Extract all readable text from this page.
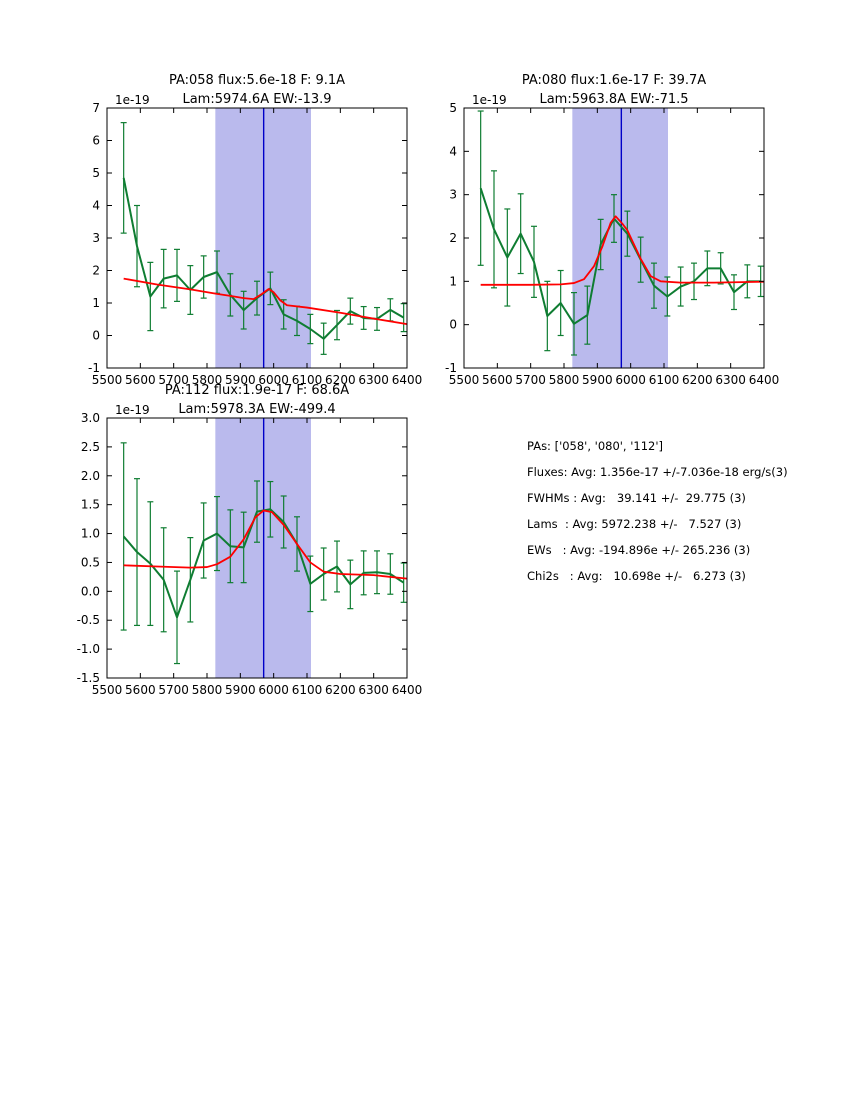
5500 5600 5700 5800 5900 6000 6100 6200 6300 6400
-1
0
1
2
3
4
5
6
7
PA:058 flux:5.6e-18 F: 9.1A
Lam:5974.6A EW:-13.9
1e-19
5500 5600 5700 5800 5900 6000 6100 6200 6300 6400
-1
0
1
2
3
4
5
PA:080 flux:1.6e-17 F: 39.7A
Lam:5963.8A EW:-71.5
1e-19
5500 5600 5700 5800 5900 6000 6100 6200 6300 6400
-1.5
-1.0
-0.5
0.0
0.5
1.0
1.5
2.0
2.5
3.0
PA:112 flux:1.9e-17 F: 68.6A
Lam:5978.3A EW:-499.4
1e-19
PAs: ['058', '080', '112']
Fluxes: Avg: 1.356e-17 +/-7.036e-18 erg/s(3)
FWHMs : Avg:   39.141 +/-  29.775 (3)
Lams  : Avg: 5972.238 +/-   7.527 (3)
EWs   : Avg: -194.896e +/- 265.236 (3)
Chi2s   : Avg:   10.698e +/-   6.273 (3)
